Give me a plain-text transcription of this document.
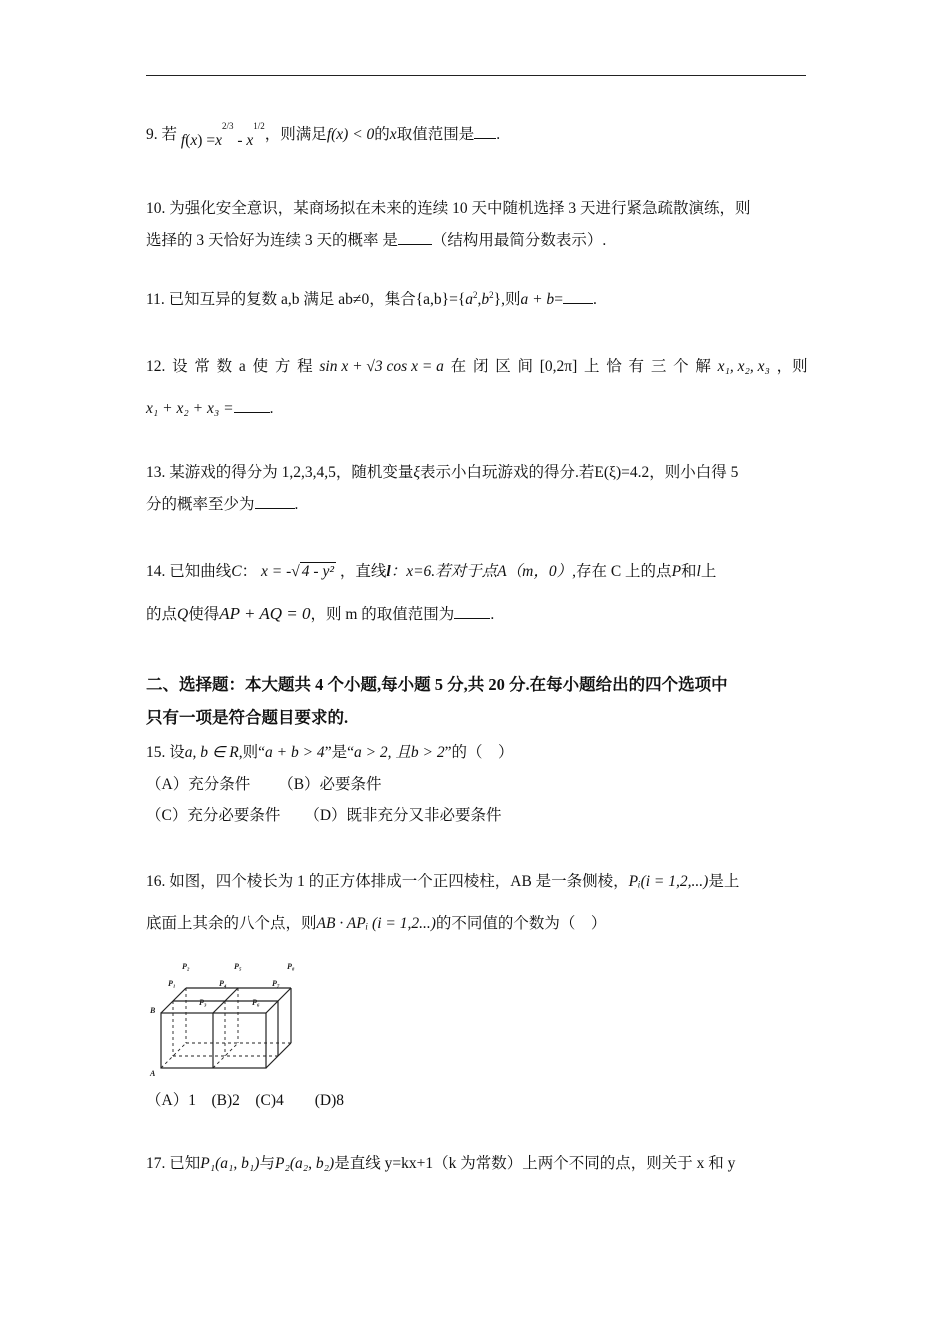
9. 若 $f(x) =x^{2/3} - x^{1/2}$，则满足f(x) < 0的x取值范围是 .
10. 为强化安全意识，某商场拟在未来的连续 10 天中随机选择 3 天进行紧急疏散演练，则
选择的 3 天恰好为连续 3 天的概率 是 （结构用最简分数表示）.
11. 已知互异的复数 a,b 满足 ab≠0，集合$\{a,b\}=\{a^2,b^2\}$,则a + b= .
12. 设 常 数 a 使 方 程 sin x + √3 cos x = a 在 闭 区 间 [0,2π] 上 恰 有 三 个 解 x₁, x₂, x₃ ，则
x₁ + x₂ + x₃ = .
13. 某游戏的得分为 1,2,3,4,5，随机变量ξ表示小白玩游戏的得分.若E(ξ)=4.2，则小白得 5
分的概率至少为	.
14. 已知曲线C： x = -√ 4 - y² ，直线l：x=6.若对于点A（m，0）,存在 C 上的点P和l上
的点Q使得AP + AQ = 0，则 m 的取值范围为 .
二、选择题：本大题共 4 个小题,每小题 5 分,共 20 分.在每小题给出的四个选项中
只有一项是符合题目要求的.
15. 设a, b ∈ R,则“a + b > 4”是“a > 2, 且b > 2”的（　）
（A）充分条件 （B）必要条件
（C）充分必要条件 （D）既非充分又非必要条件
16. 如图，四个棱长为 1 的正方体排成一个正四棱柱，AB 是一条侧棱，Pᵢ(i = 1,2,...)是上
底面上其余的八个点，则AB · APᵢ (i = 1,2...)的不同值的个数为（　）
P₂	P₅	P₈
P₁	P₄	P₇
P₃	P₆
B
A
（A）1　(B)2　(C)4　　(D)8
17. 已知P₁(a₁, b₁)与P₂(a₂, b₂)是直线 y=kx+1（k 为常数）上两个不同的点，则关于 x 和 y
